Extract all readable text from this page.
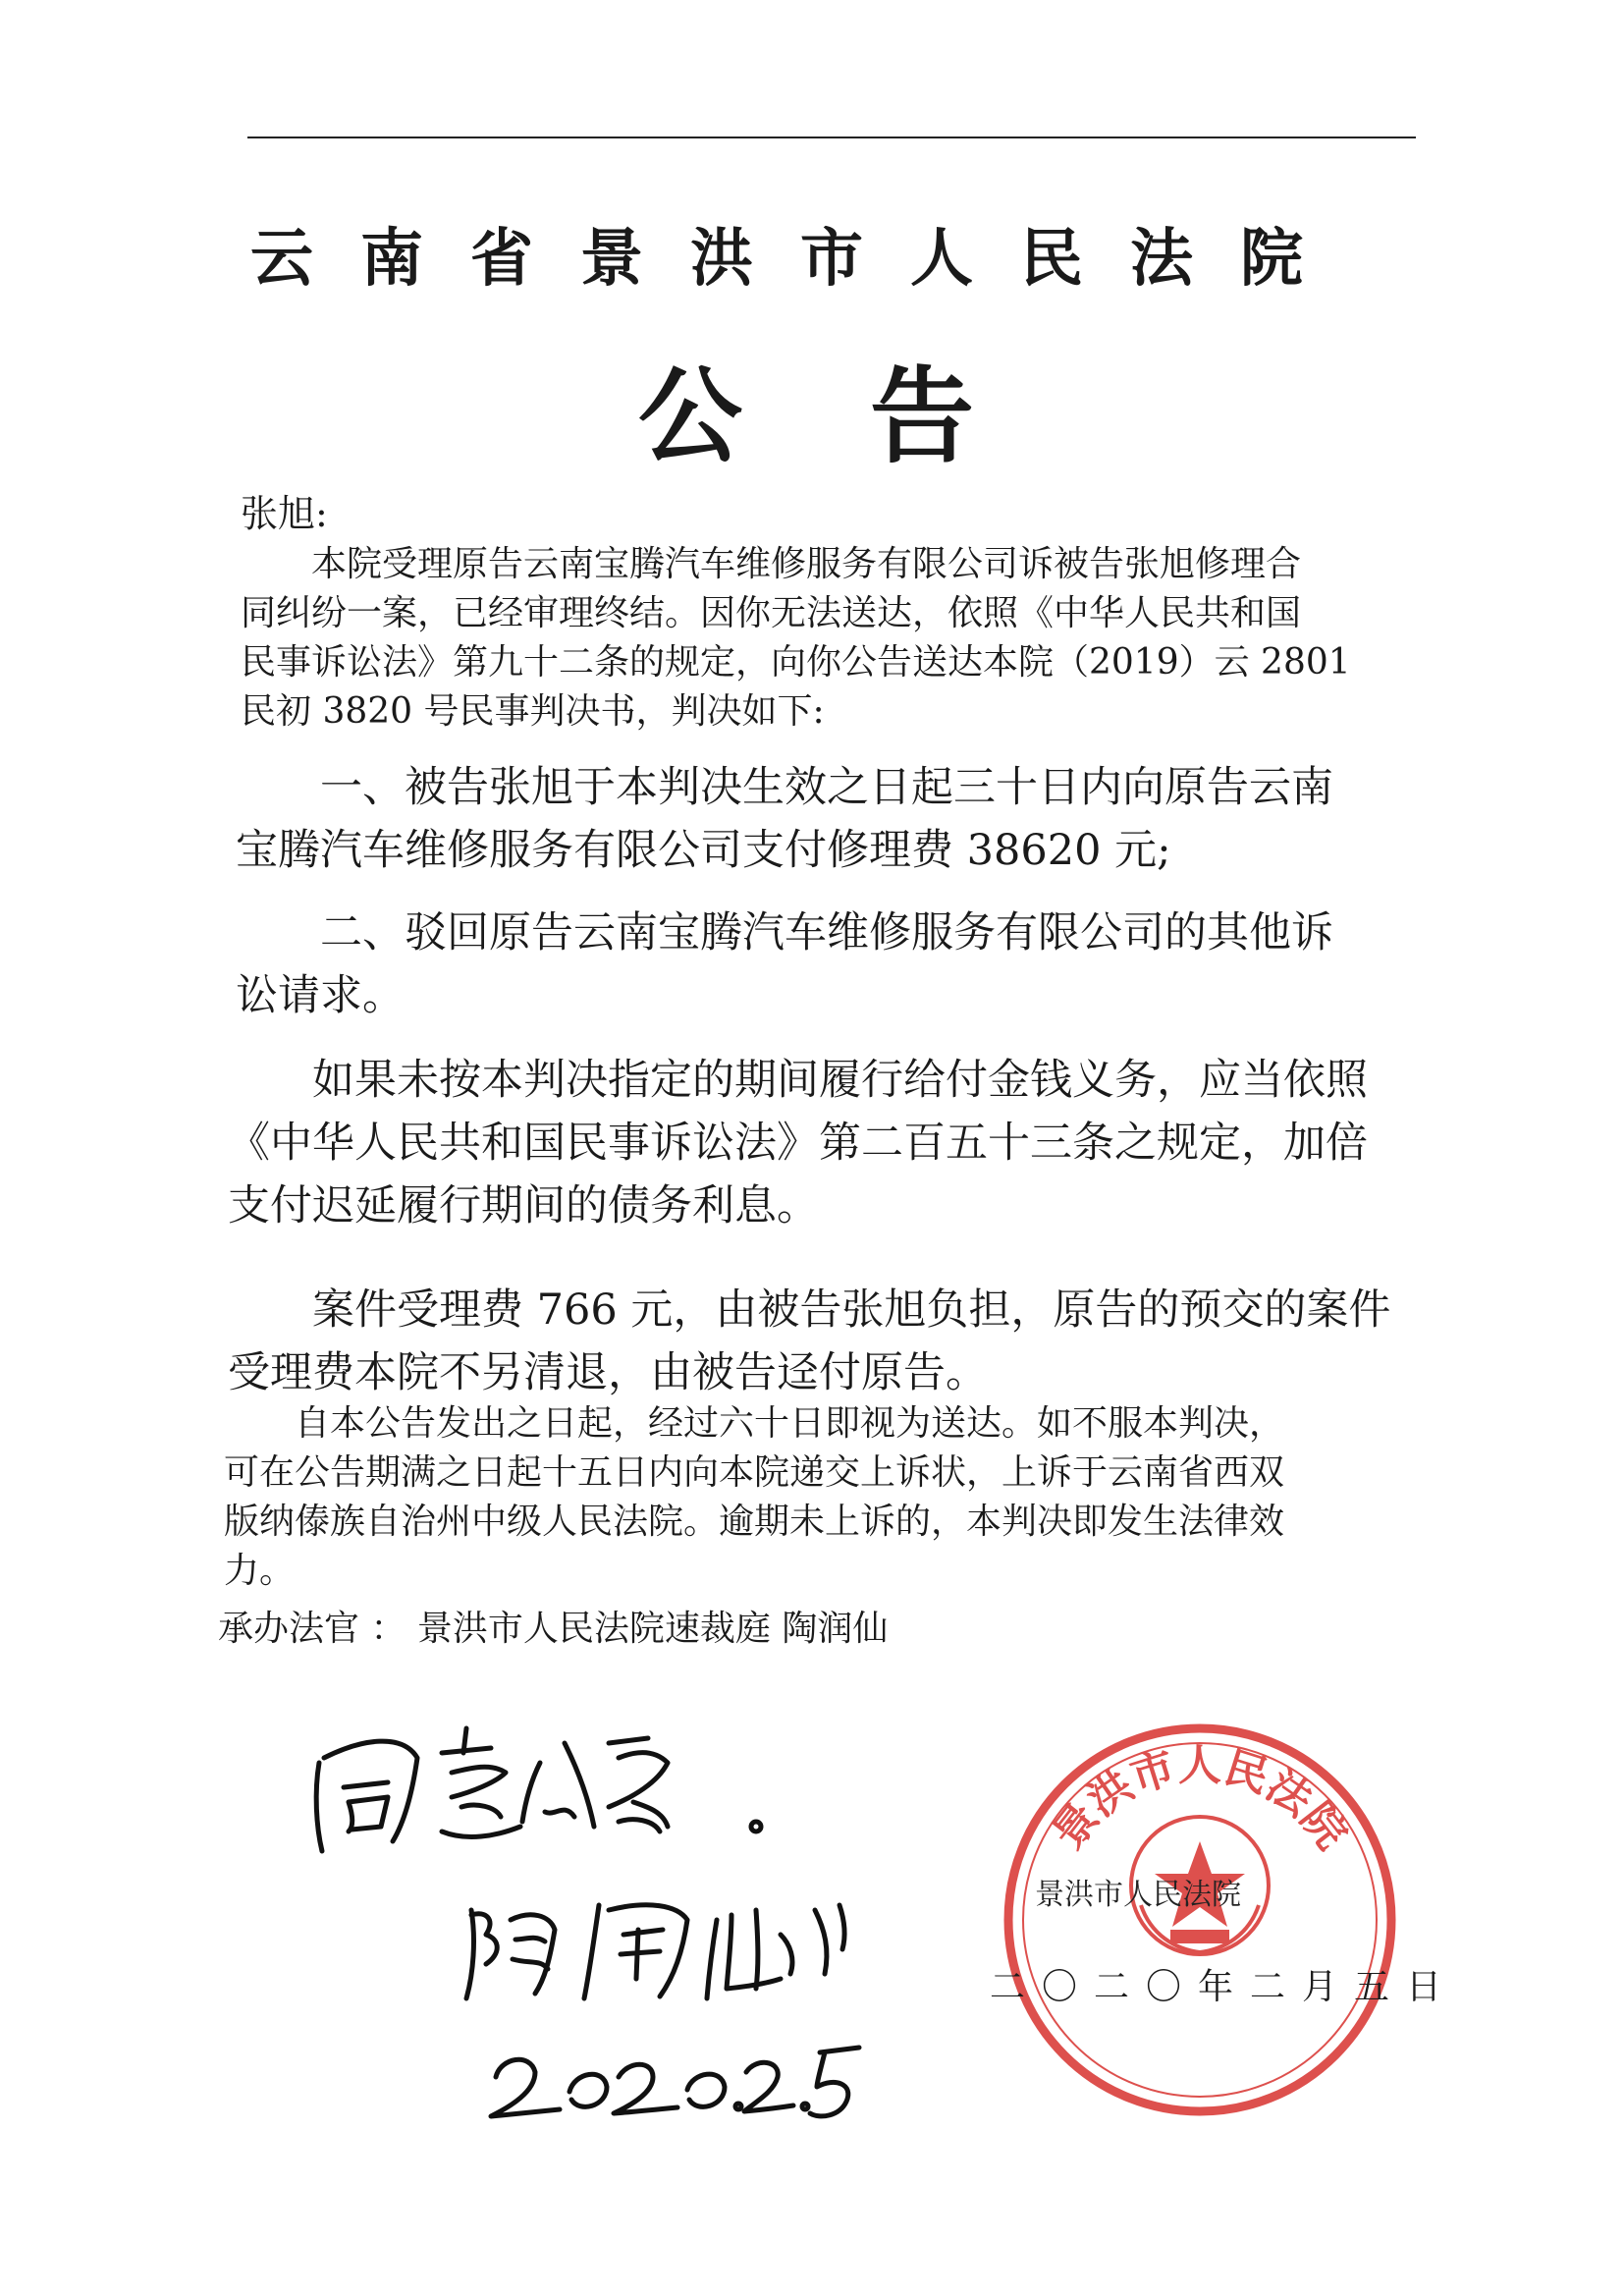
云南省景洪市人民法院
公告
张旭:
　　本院受理原告云南宝腾汽车维修服务有限公司诉被告张旭修理合
同纠纷一案，已经审理终结。因你无法送达，依照《中华人民共和国
民事诉讼法》第九十二条的规定，向你公告送达本院（2019）云 2801
民初 3820 号民事判决书，判决如下:
　　一、被告张旭于本判决生效之日起三十日内向原告云南
宝腾汽车维修服务有限公司支付修理费 38620 元;
　　二、驳回原告云南宝腾汽车维修服务有限公司的其他诉
讼请求。
　　如果未按本判决指定的期间履行给付金钱义务，应当依照
《中华人民共和国民事诉讼法》第二百五十三条之规定，加倍
支付迟延履行期间的债务利息。
　　案件受理费 766 元，由被告张旭负担，原告的预交的案件
受理费本院不另清退，由被告迳付原告。
　　自本公告发出之日起，经过六十日即视为送达。如不服本判决，
可在公告期满之日起十五日内向本院递交上诉状，上诉于云南省西双
版纳傣族自治州中级人民法院。逾期未上诉的，本判决即发生法律效
力。
承办法官 ： 景洪市人民法院速裁庭 陶润仙
景洪市人民法院
景洪市人民法院
二〇二〇年二月五日
